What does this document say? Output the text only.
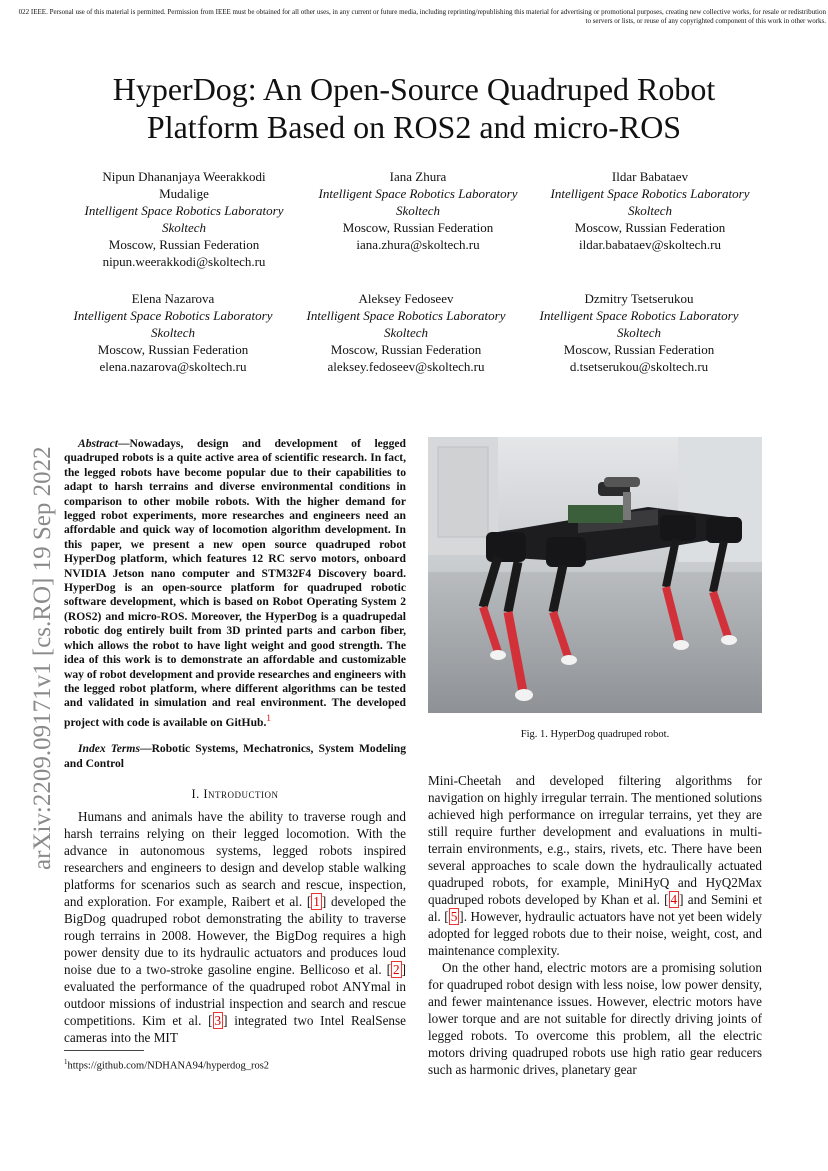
022 IEEE. Personal use of this material is permitted. Permission from IEEE must be obtained for all other uses, in any current or future media, including reprinting/republishing this material for advertising or promotional purposes, creating new collective works, for resale or redistribution
to servers or lists, or reuse of any copyrighted component of this work in other works.
HyperDog: An Open-Source Quadruped Robot
Platform Based on ROS2 and micro-ROS
Nipun Dhananjaya Weerakkodi
Mudalige
Intelligent Space Robotics Laboratory
Skoltech
Moscow, Russian Federation
nipun.weerakkodi@skoltech.ru
Iana Zhura
Intelligent Space Robotics Laboratory
Skoltech
Moscow, Russian Federation
iana.zhura@skoltech.ru
Ildar Babataev
Intelligent Space Robotics Laboratory
Skoltech
Moscow, Russian Federation
ildar.babataev@skoltech.ru
Elena Nazarova
Intelligent Space Robotics Laboratory
Skoltech
Moscow, Russian Federation
elena.nazarova@skoltech.ru
Aleksey Fedoseev
Intelligent Space Robotics Laboratory
Skoltech
Moscow, Russian Federation
aleksey.fedoseev@skoltech.ru
Dzmitry Tsetserukou
Intelligent Space Robotics Laboratory
Skoltech
Moscow, Russian Federation
d.tsetserukou@skoltech.ru
arXiv:2209.09171v1 [cs.RO] 19 Sep 2022
Abstract—Nowadays, design and development of legged quadruped robots is a quite active area of scientific research. In fact, the legged robots have become popular due to their capabilities to adapt to harsh terrains and diverse environmental conditions in comparison to other mobile robots. With the higher demand for legged robot experiments, more researches and engineers need an affordable and quick way of locomotion algorithm development. In this paper, we present a new open source quadruped robot HyperDog platform, which features 12 RC servo motors, onboard NVIDIA Jetson nano computer and STM32F4 Discovery board. HyperDog is an open-source platform for quadruped robotic software development, which is based on Robot Operating System 2 (ROS2) and micro-ROS. Moreover, the HyperDog is a quadrupedal robotic dog entirely built from 3D printed parts and carbon fiber, which allows the robot to have light weight and good strength. The idea of this work is to demonstrate an affordable and customizable way of robot development and provide researches and engineers with the legged robot platform, where different algorithms can be tested and validated in simulation and real environment. The developed project with code is available on GitHub.$^1$
Index Terms—Robotic Systems, Mechatronics, System Modeling and Control
I. Introduction

Humans and animals have the ability to traverse rough and harsh terrains relying on their legged locomotion. With the advance in autonomous systems, legged robots inspired researchers and engineers to design and develop stable walking platforms for scenarios such as search and rescue, inspection, and exploration. For example, Raibert et al. [ 1 ] developed the BigDog quadruped robot demonstrating the ability to traverse rough terrains in 2008. However, the BigDog requires a high power density due to its hydraulic actuators and produces loud noise due to a two-stroke gasoline engine. Bellicoso et al. [ 2 ] evaluated the performance of the quadruped robot ANYmal in outdoor missions of industrial inspection and search and rescue competitions. Kim et al. [ 3 ] integrated two Intel RealSense cameras into the MIT

Mini-Cheetah and developed filtering algorithms for navigation on highly irregular terrain. The mentioned solutions achieved high performance on irregular terrains, yet they are still require further development and evaluations in multi-terrain environments, e.g., stairs, rivets, etc. There have been several approaches to scale down the hydraulically actuated quadruped robots, for example, MiniHyQ and HyQ2Max quadruped robots developed by Khan et al. [ 4 ] and Semini et al. [ 5 ]. However, hydraulic actuators have not yet been widely adopted for legged robots due to their noise, weight, cost, and maintenance complexity.

On the other hand, electric motors are a promising solution for quadruped robot design with less noise, low power density, and fewer maintenance issues. However, electric motors have lower torque and are not suitable for directly driving joints of legged robots. To overcome this problem, all the electric motors driving quadruped robots use high ratio gear reducers such as harmonic drives, planetary gear

$^1$https://github.com/NDHANA94/hyperdog_ros2
Fig. 1. HyperDog quadruped robot.
